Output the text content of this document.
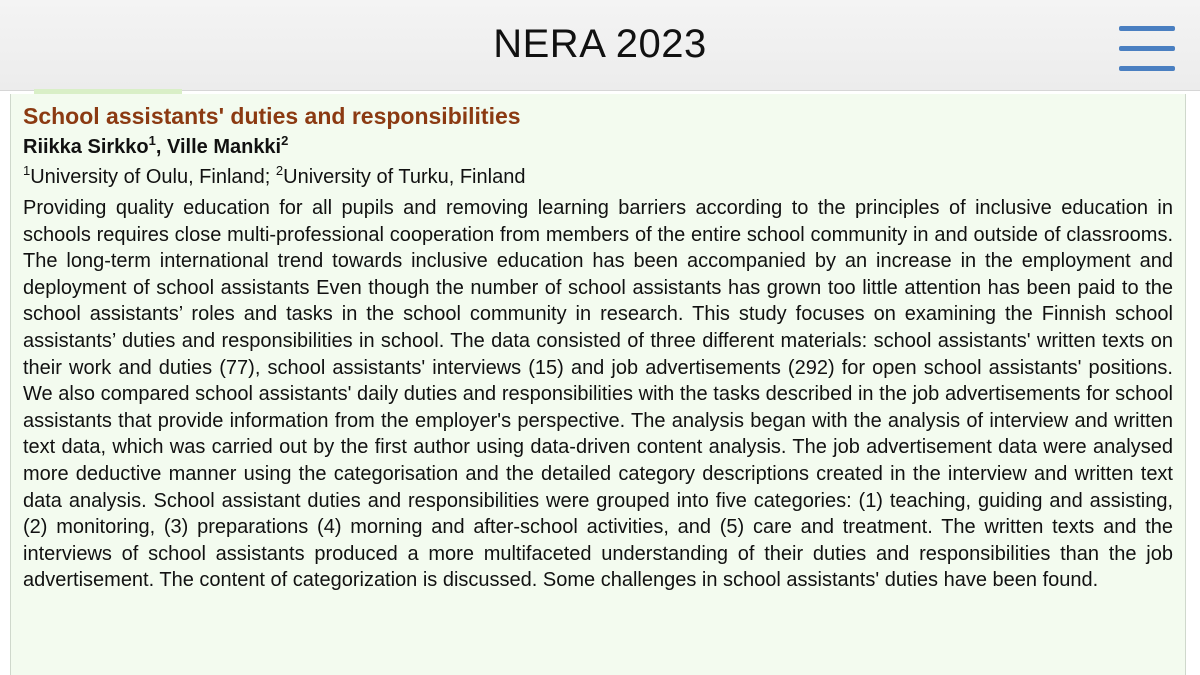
NERA 2023
School assistants' duties and responsibilities
Riikka Sirkko$^1$, Ville Mankki$^2$
$^1$University of Oulu, Finland; $^2$University of Turku, Finland

Providing quality education for all pupils and removing learning barriers according to the principles of inclusive education in schools requires close multi-professional cooperation from members of the entire school community in and outside of classrooms. The long-term international trend towards inclusive education has been accompanied by an increase in the employment and deployment of school assistants Even though the number of school assistants has grown too little attention has been paid to the school assistants’ roles and tasks in the school community in research. This study focuses on examining the Finnish school assistants’ duties and responsibilities in school. The data consisted of three different materials: school assistants' written texts on their work and duties (77), school assistants' interviews (15) and job advertisements (292) for open school assistants' positions. We also compared school assistants' daily duties and responsibilities with the tasks described in the job advertisements for school assistants that provide information from the employer's perspective. The analysis began with the analysis of interview and written text data, which was carried out by the first author using data-driven content analysis. The job advertisement data were analysed more deductive manner using the categorisation and the detailed category descriptions created in the interview and written text data analysis. School assistant duties and responsibilities were grouped into five categories: (1) teaching, guiding and assisting, (2) monitoring, (3) preparations (4) morning and after-school activities, and (5) care and treatment. The written texts and the interviews of school assistants produced a more multifaceted understanding of their duties and responsibilities than the job advertisement. The content of categorization is discussed. Some challenges in school assistants' duties have been found.
